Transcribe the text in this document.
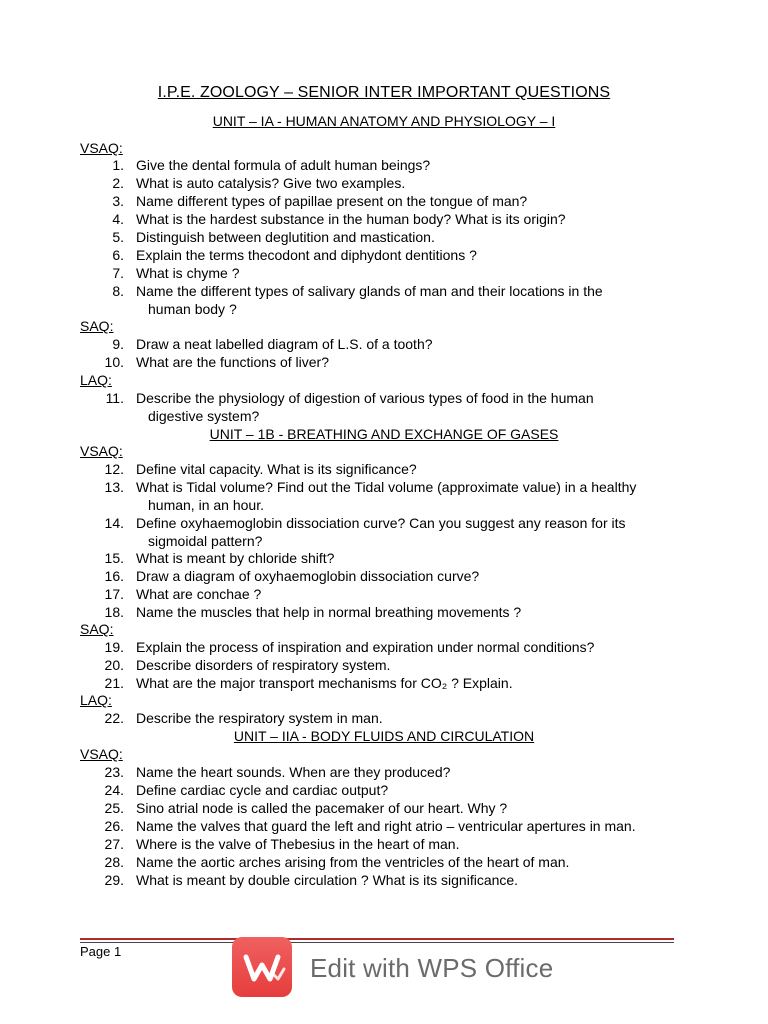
I.P.E. ZOOLOGY – SENIOR INTER IMPORTANT QUESTIONS
UNIT – IA - HUMAN ANATOMY AND PHYSIOLOGY – I
VSAQ:
1. Give the dental formula of adult human beings?
2. What is auto catalysis? Give two examples.
3. Name different types of papillae present on the tongue of man?
4. What is the hardest substance in the human body? What is its origin?
5. Distinguish between deglutition and mastication.
6. Explain the terms thecodont and diphydont dentitions ?
7. What is chyme ?
8. Name the different types of salivary glands of man and their locations in the
human body ?
SAQ:
9. Draw a neat labelled diagram of L.S. of a tooth?
10. What are the functions of liver?
LAQ:
11. Describe the physiology of digestion of various types of food in the human
digestive system?
UNIT – 1B - BREATHING AND EXCHANGE OF GASES
VSAQ:
12. Define vital capacity. What is its significance?
13. What is Tidal volume? Find out the Tidal volume (approximate value) in a healthy
human, in an hour.
14. Define oxyhaemoglobin dissociation curve? Can you suggest any reason for its
sigmoidal pattern?
15. What is meant by chloride shift?
16. Draw a diagram of oxyhaemoglobin dissociation curve?
17. What are conchae ?
18. Name the muscles that help in normal breathing movements ?
SAQ:
19. Explain the process of inspiration and expiration under normal conditions?
20. Describe disorders of respiratory system.
21. What are the major transport mechanisms for CO₂ ? Explain.
LAQ:
22. Describe the respiratory system in man.
UNIT – IIA - BODY FLUIDS AND CIRCULATION
VSAQ:
23. Name the heart sounds. When are they produced?
24. Define cardiac cycle and cardiac output?
25. Sino atrial node is called the pacemaker of our heart. Why ?
26. Name the valves that guard the left and right atrio – ventricular apertures in man.
27. Where is the valve of Thebesius in the heart of man.
28. Name the aortic arches arising from the ventricles of the heart of man.
29. What is meant by double circulation ? What is its significance.
Page 1
Edit with WPS Office
